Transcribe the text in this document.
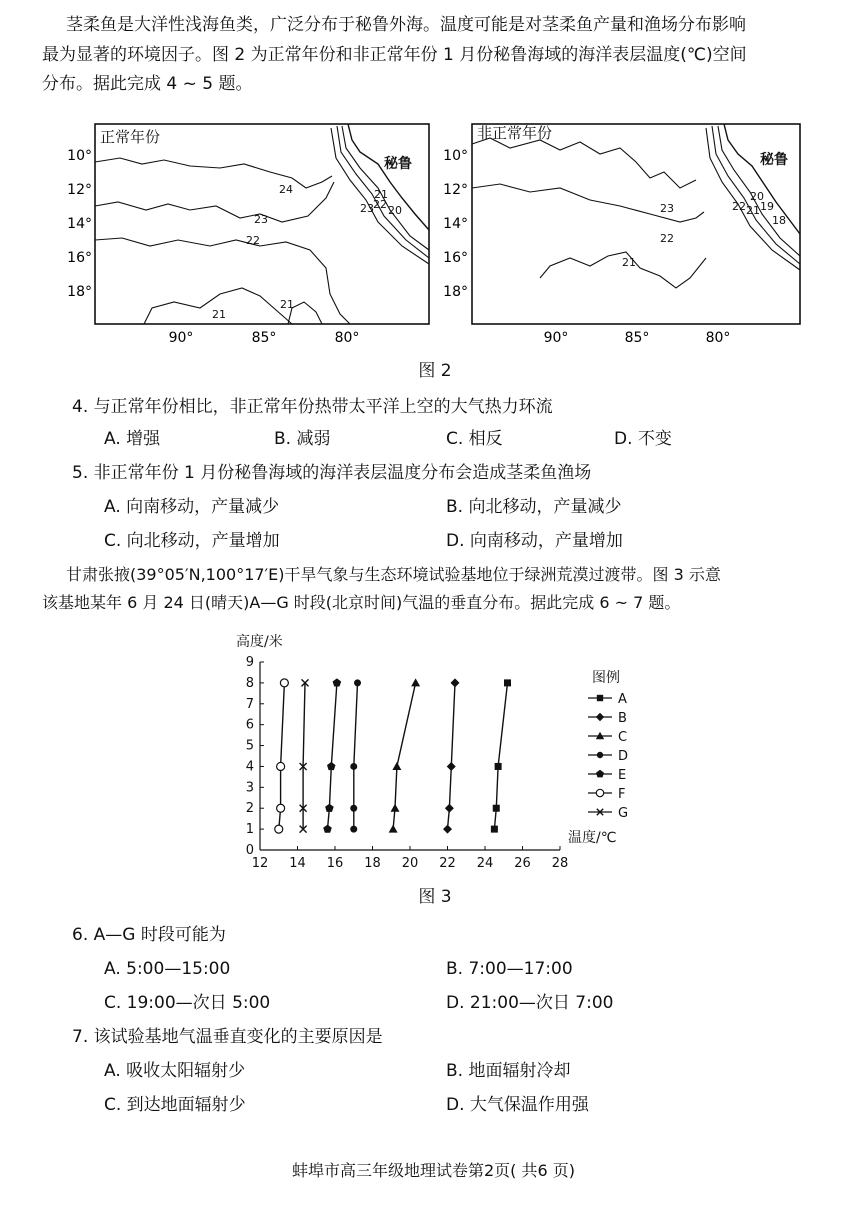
茎柔鱼是大洋性浅海鱼类，广泛分布于秘鲁外海。温度可能是对茎柔鱼产量和渔场分布影响
最为显著的环境因子。图 2 为正常年份和非正常年份 1 月份秘鲁海域的海洋表层温度(℃)空间
分布。据此完成 4 ~ 5 题。
正常年份
秘鲁
24
23
22
21
21
23 22
21
20
10°
12°
14°
16°
18°
90°	85°	80°
非正常年份
秘鲁
23
22
21
20
19
22 21
18
10°
12°
14°
16°
18°
90°	85°	80°
图 2
4. 与正常年份相比，非正常年份热带太平洋上空的大气热力环流
A. 增强	B. 减弱	C. 相反	D. 不变
5. 非正常年份 1 月份秘鲁海域的海洋表层温度分布会造成茎柔鱼渔场
A. 向南移动，产量减少	B. 向北移动，产量减少
C. 向北移动，产量增加	D. 向南移动，产量增加
甘肃张掖(39°05′N,100°17′E)干旱气象与生态环境试验基地位于绿洲荒漠过渡带。图 3 示意
该基地某年 6 月 24 日(晴天)A—G 时段(北京时间)气温的垂直分布。据此完成 6 ~ 7 题。
0
1
2
3
4
5
6
7
8
9
12 14 16 18 20 22 24 26 28
高度/米
温度/℃
图例
A
B
C
D
E
F
G
图 3
6. A—G 时段可能为
A. 5:00—15:00	B. 7:00—17:00
C. 19:00—次日 5:00	D. 21:00—次日 7:00
7. 该试验基地气温垂直变化的主要原因是
A. 吸收太阳辐射少	B. 地面辐射冷却
C. 到达地面辐射少	D. 大气保温作用强
蚌埠市高三年级地理试卷第2页( 共6 页)
